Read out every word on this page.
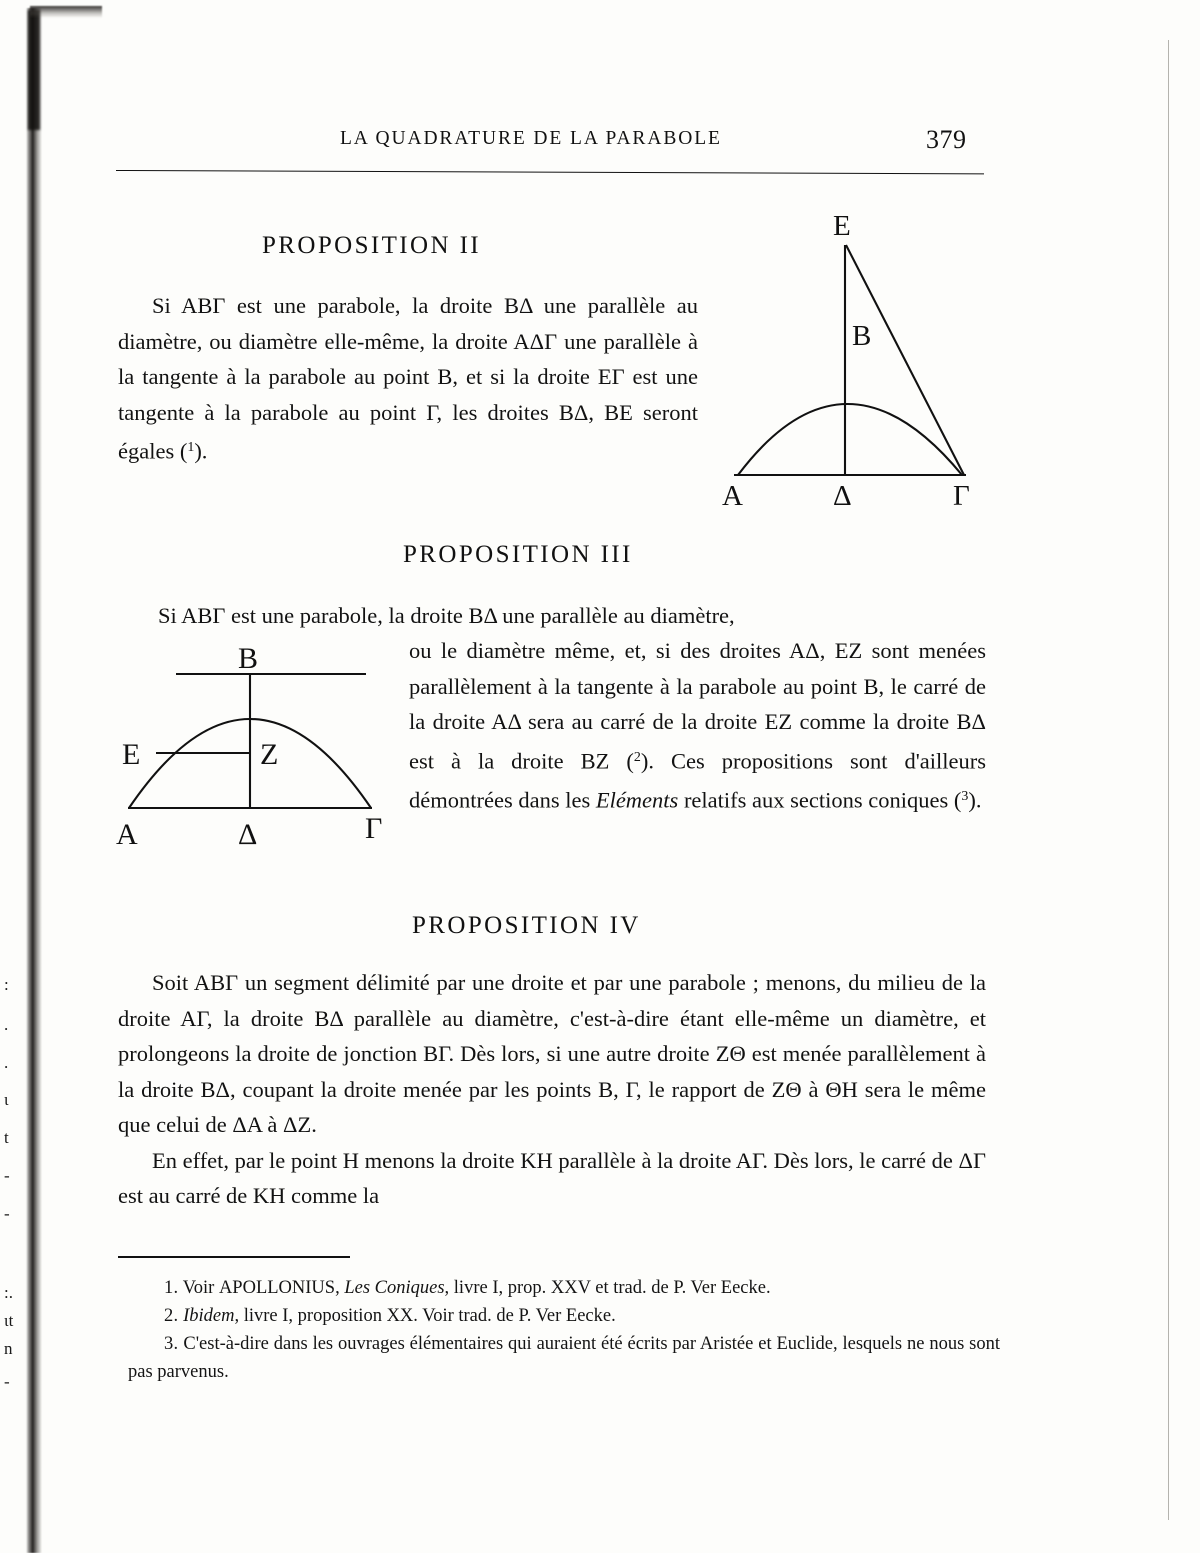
:
.
.
ι
t
-
-
:.
ιt
n
-
LA QUADRATURE DE LA PARABOLE	379
PROPOSITION II

Si ABΓ est une parabole, la droite BΔ une parallèle au diamètre, ou diamètre elle-même, la droite AΔΓ une parallèle à la tangente à la parabole au point B, et si la droite EΓ est une tangente à la parabole au point Γ, les droites BΔ, BE seront égales ($^1$).

E
B
A	Δ	Γ
PROPOSITION III

Si ABΓ est une parabole, la droite BΔ une parallèle au diamètre,

ou le diamètre même, et, si des droites AΔ, EZ sont menées parallèlement à la tangente à la parabole au point B, le carré de la droite AΔ sera au carré de la droite EZ comme la droite BΔ est à la droite BZ ($^2$). Ces propositions sont d'ailleurs démontrées dans les Eléments relatifs aux sections coniques ($^3$).

B
E	Z
A	Δ	Γ
PROPOSITION IV

Soit ABΓ un segment délimité par une droite et par une parabole ; menons, du milieu de la droite AΓ, la droite BΔ parallèle au diamètre, c'est-à-dire étant elle-même un diamètre, et prolongeons la droite de jonction BΓ. Dès lors, si une autre droite ZΘ est menée parallèlement à la droite BΔ, coupant la droite menée par les points B, Γ, le rapport de ZΘ à ΘH sera le même que celui de ΔA à ΔZ.

En effet, par le point H menons la droite KH parallèle à la droite AΓ. Dès lors, le carré de ΔΓ est au carré de KH comme la

1. Voir APOLLONIUS, Les Coniques, livre I, prop. XXV et trad. de P. Ver Eecke.

2. Ibidem, livre I, proposition XX. Voir trad. de P. Ver Eecke.

3. C'est-à-dire dans les ouvrages élémentaires qui auraient été écrits par Aristée et Euclide, lesquels ne nous sont pas parvenus.
